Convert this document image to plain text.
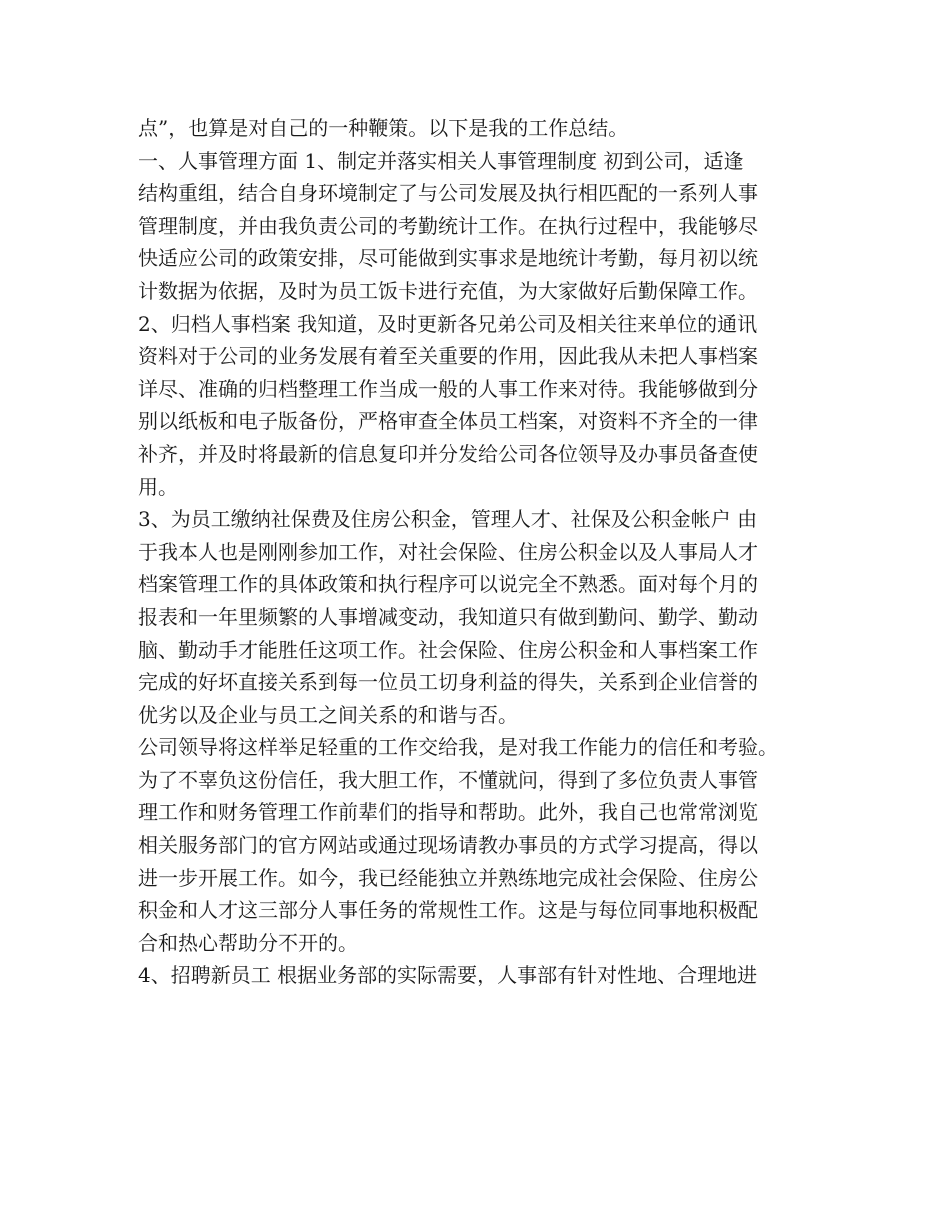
点”，也算是对自己的一种鞭策。以下是我的工作总结。
一、人事管理方面 1、制定并落实相关人事管理制度 初到公司，适逢
结构重组，结合自身环境制定了与公司发展及执行相匹配的一系列人事
管理制度，并由我负责公司的考勤统计工作。在执行过程中，我能够尽
快适应公司的政策安排，尽可能做到实事求是地统计考勤，每月初以统
计数据为依据，及时为员工饭卡进行充值，为大家做好后勤保障工作。
2、归档人事档案 我知道，及时更新各兄弟公司及相关往来单位的通讯
资料对于公司的业务发展有着至关重要的作用，因此我从未把人事档案
详尽、准确的归档整理工作当成一般的人事工作来对待。我能够做到分
别以纸板和电子版备份，严格审查全体员工档案，对资料不齐全的一律
补齐，并及时将最新的信息复印并分发给公司各位领导及办事员备查使
用。
3、为员工缴纳社保费及住房公积金，管理人才、社保及公积金帐户 由
于我本人也是刚刚参加工作，对社会保险、住房公积金以及人事局人才
档案管理工作的具体政策和执行程序可以说完全不熟悉。面对每个月的
报表和一年里频繁的人事增减变动，我知道只有做到勤问、勤学、勤动
脑、勤动手才能胜任这项工作。社会保险、住房公积金和人事档案工作
完成的好坏直接关系到每一位员工切身利益的得失，关系到企业信誉的
优劣以及企业与员工之间关系的和谐与否。
公司领导将这样举足轻重的工作交给我，是对我工作能力的信任和考验。
为了不辜负这份信任，我大胆工作，不懂就问，得到了多位负责人事管
理工作和财务管理工作前辈们的指导和帮助。此外，我自己也常常浏览
相关服务部门的官方网站或通过现场请教办事员的方式学习提高，得以
进一步开展工作。如今，我已经能独立并熟练地完成社会保险、住房公
积金和人才这三部分人事任务的常规性工作。这是与每位同事地积极配
合和热心帮助分不开的。
4、招聘新员工 根据业务部的实际需要，人事部有针对性地、合理地进
